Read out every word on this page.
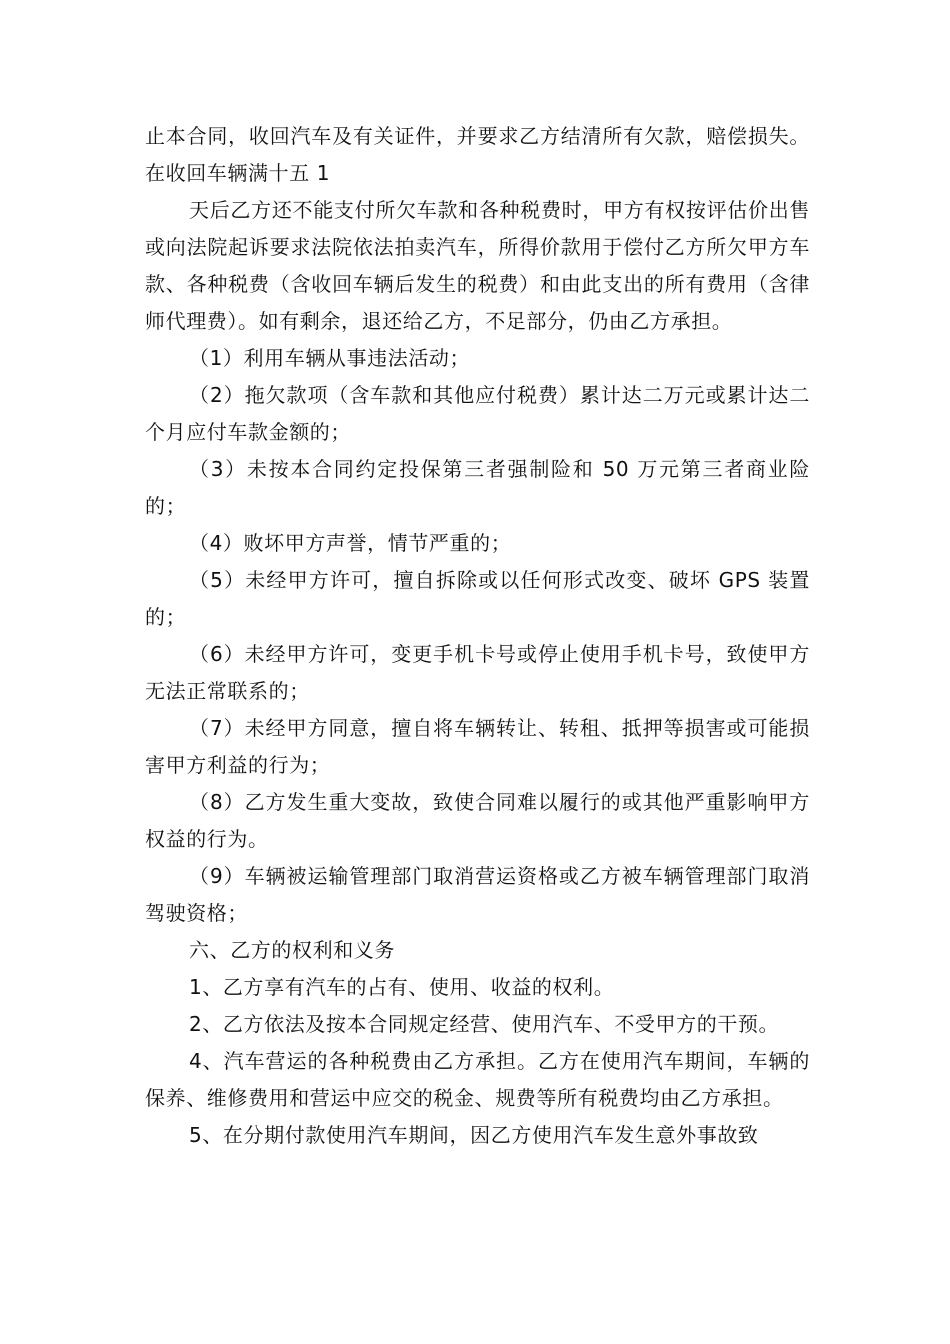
止本合同，收回汽车及有关证件，并要求乙方结清所有欠款，赔偿损失。在收回车辆满十五 1

天后乙方还不能支付所欠车款和各种税费时，甲方有权按评估价出售或向法院起诉要求法院依法拍卖汽车，所得价款用于偿付乙方所欠甲方车款、各种税费（含收回车辆后发生的税费）和由此支出的所有费用（含律师代理费）。如有剩余，退还给乙方，不足部分，仍由乙方承担。

（1）利用车辆从事违法活动；

（2）拖欠款项（含车款和其他应付税费）累计达二万元或累计达二个月应付车款金额的；

（3）未按本合同约定投保第三者强制险和 50 万元第三者商业险的；

（4）败坏甲方声誉，情节严重的；

（5）未经甲方许可，擅自拆除或以任何形式改变、破坏 GPS 装置的；

（6）未经甲方许可，变更手机卡号或停止使用手机卡号，致使甲方无法正常联系的；

（7）未经甲方同意，擅自将车辆转让、转租、抵押等损害或可能损害甲方利益的行为；

（8）乙方发生重大变故，致使合同难以履行的或其他严重影响甲方权益的行为。

（9）车辆被运输管理部门取消营运资格或乙方被车辆管理部门取消驾驶资格；

六、乙方的权利和义务

1、乙方享有汽车的占有、使用、收益的权利。

2、乙方依法及按本合同规定经营、使用汽车、不受甲方的干预。

4、汽车营运的各种税费由乙方承担。乙方在使用汽车期间，车辆的保养、维修费用和营运中应交的税金、规费等所有税费均由乙方承担。

5、在分期付款使用汽车期间，因乙方使用汽车发生意外事故致
